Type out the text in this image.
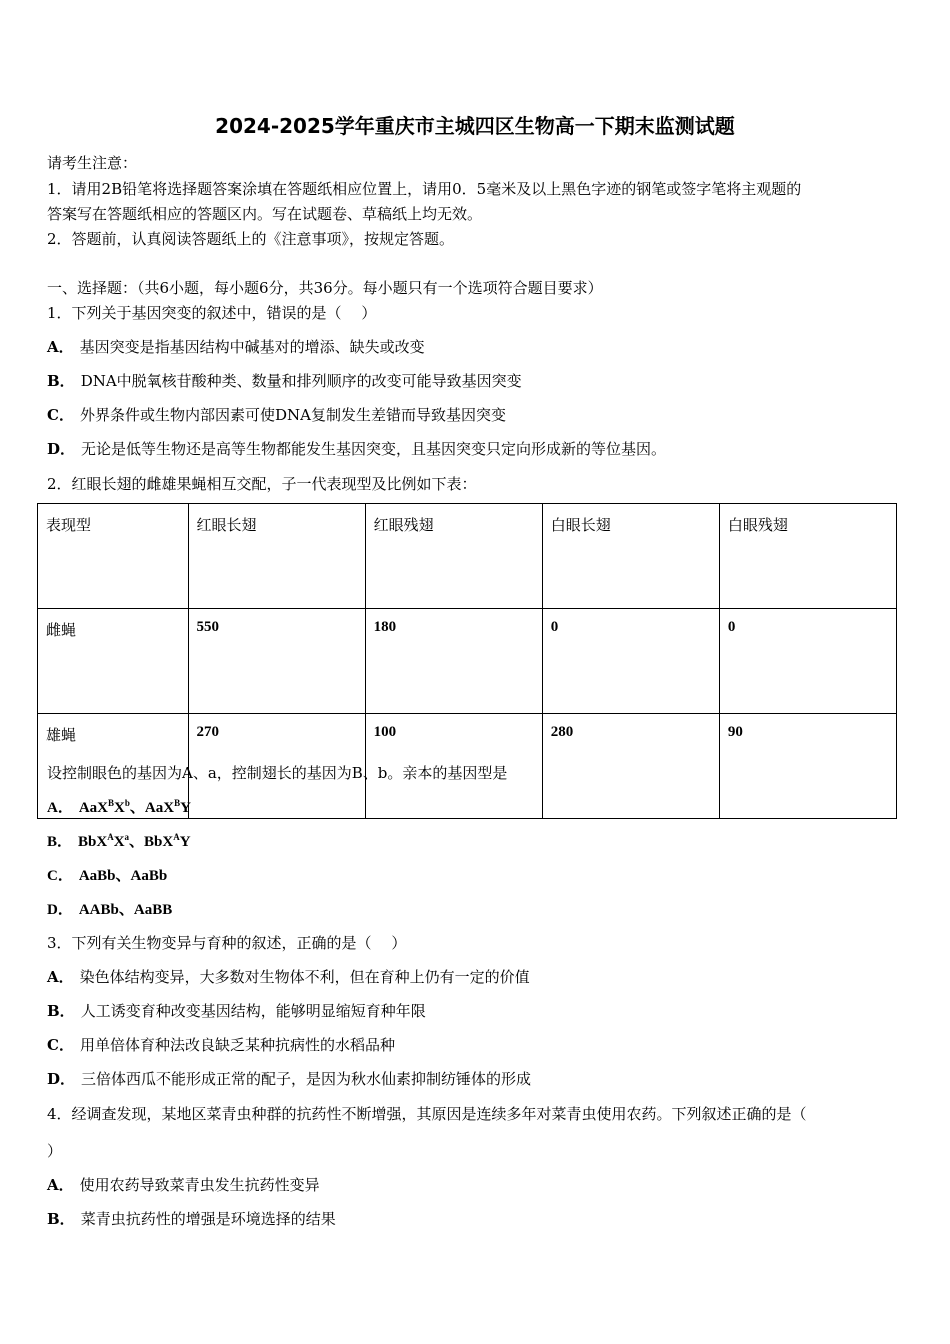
2024-2025学年重庆市主城四区生物高一下期末监测试题
请考生注意：
1．请用2B铅笔将选择题答案涂填在答题纸相应位置上，请用0．5毫米及以上黑色字迹的钢笔或签字笔将主观题的
答案写在答题纸相应的答题区内。写在试题卷、草稿纸上均无效。
2．答题前，认真阅读答题纸上的《注意事项》，按规定答题。
一、选择题：（共6小题，每小题6分，共36分。每小题只有一个选项符合题目要求）
1．下列关于基因突变的叙述中，错误的是（　 ）
A． 基因突变是指基因结构中碱基对的增添、缺失或改变
B． DNA中脱氧核苷酸种类、数量和排列顺序的改变可能导致基因突变
C． 外界条件或生物内部因素可使DNA复制发生差错而导致基因突变
D． 无论是低等生物还是高等生物都能发生基因突变，且基因突变只定向形成新的等位基因。
2．红眼长翅的雌雄果蝇相互交配，子一代表现型及比例如下表：
表现型	红眼长翅	红眼残翅	白眼长翅	白眼残翅
雌蝇	550	180	0	0
雄蝇	270	100	280	90
设控制眼色的基因为A、a，控制翅长的基因为B、b。亲本的基因型是
A． $AaX^BX^b$、AaX$^B$Y
B． $BbX^AX^a$、BbX$^A$Y
C． AaBb、AaBb
D． AABb、AaBB
3．下列有关生物变异与育种的叙述，正确的是（　 ）
A． 染色体结构变异，大多数对生物体不利，但在育种上仍有一定的价值
B． 人工诱变育种改变基因结构，能够明显缩短育种年限
C． 用单倍体育种法改良缺乏某种抗病性的水稻品种
D． 三倍体西瓜不能形成正常的配子，是因为秋水仙素抑制纺锤体的形成
4．经调查发现，某地区菜青虫种群的抗药性不断增强，其原因是连续多年对菜青虫使用农药。下列叙述正确的是（
）
A． 使用农药导致菜青虫发生抗药性变异
B． 菜青虫抗药性的增强是环境选择的结果
